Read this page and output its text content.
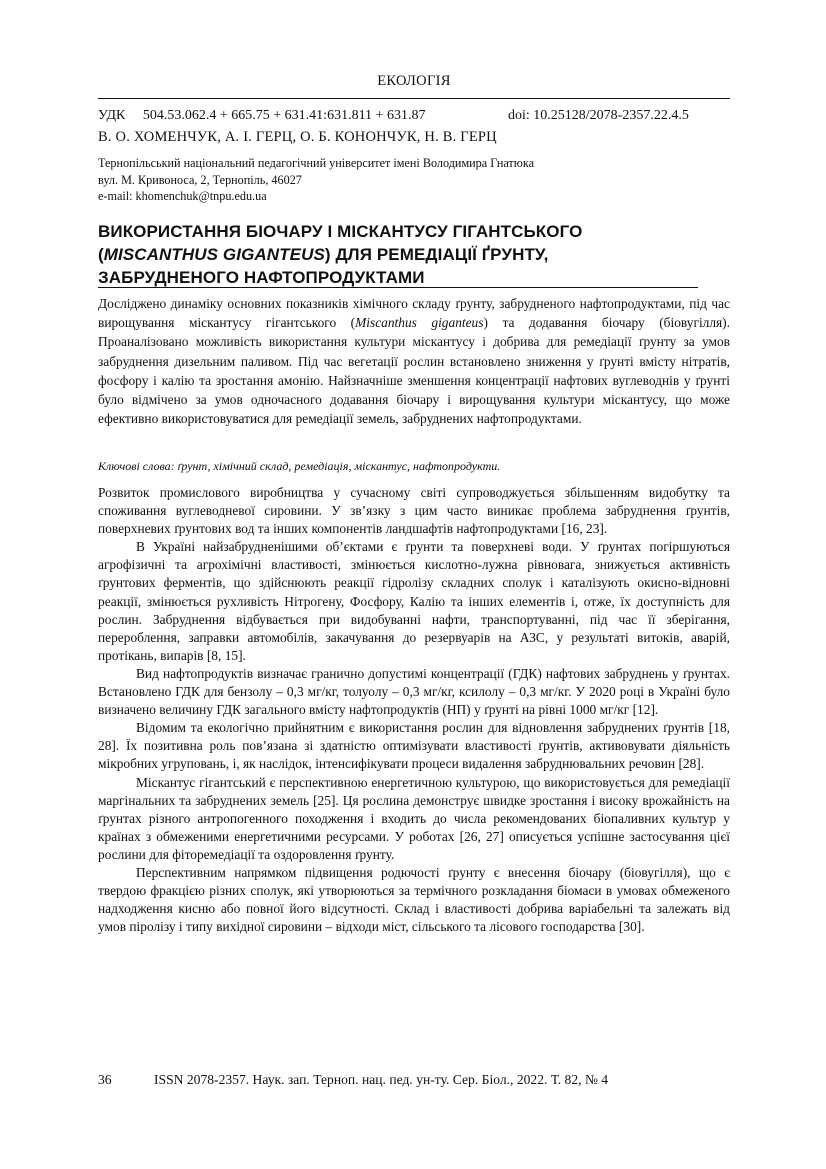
ЕКОЛОГІЯ
УДК     504.53.062.4 + 665.75 + 631.41:631.811 + 631.87	doi: 10.25128/2078-2357.22.4.5
В. О. ХОМЕНЧУК, А. І. ГЕРЦ, О. Б. КОНОНЧУК, Н. В. ГЕРЦ
Тернопільський національний педагогічний університет імені Володимира Гнатюка
вул. М. Кривоноса, 2, Тернопіль, 46027
e-mail: khomenchuk@tnpu.edu.ua
ВИКОРИСТАННЯ БІОЧАРУ І МІСКАНТУСУ ГІГАНТСЬКОГО
(MISCANTHUS GIGANTEUS) ДЛЯ РЕМЕДІАЦІЇ ҐРУНТУ,
ЗАБРУДНЕНОГО НАФТОПРОДУКТАМИ
Досліджено динаміку основних показників хімічного складу ґрунту, забрудненого нафтопродуктами, під час вирощування міскантусу гігантського (Miscanthus giganteus) та додавання біочару (біовугілля). Проаналізовано можливість використання культури міскантусу і добрива для ремедіації ґрунту за умов забруднення дизельним паливом. Під час вегетації рослин встановлено зниження у ґрунті вмісту нітратів, фосфору і калію та зростання амонію. Найзначніше зменшення концентрації нафтових вуглеводнів у ґрунті було відмічено за умов одночасного додавання біочару і вирощування культури міскантусу, що може ефективно використовуватися для ремедіації земель, забруднених нафтопродуктами.
Ключові слова: ґрунт, хімічний склад, ремедіація, міскантус, нафтопродукти.

Розвиток промислового виробництва у сучасному світі супроводжується збільшенням видобутку та споживання вуглеводневої сировини. У зв’язку з цим часто виникає проблема забруднення ґрунтів, поверхневих ґрунтових вод та інших компонентів ландшафтів нафтопродуктами [16, 23].

В Україні найзабрудненішими об’єктами є ґрунти та поверхневі води. У ґрунтах погіршуються агрофізичні та агрохімічні властивості, змінюється кислотно-лужна рівновага, знижується активність ґрунтових ферментів, що здійснюють реакції гідролізу складних сполук і каталізують окисно-відновні реакції, змінюється рухливість Нітрогену, Фосфору, Калію та інших елементів і, отже, їх доступність для рослин. Забруднення відбувається при видобуванні нафти, транспортуванні, під час її зберігання, перероблення, заправки автомобілів, закачування до резервуарів на АЗС, у результаті витоків, аварій, протікань, випарів [8, 15].

Вид нафтопродуктів визначає гранично допустимі концентрації (ГДК) нафтових забруднень у ґрунтах. Встановлено ГДК для бензолу – 0,3 мг/кг, толуолу – 0,3 мг/кг, ксилолу – 0,3 мг/кг. У 2020 році в Україні було визначено величину ГДК загального вмісту нафтопродуктів (НП) у ґрунті на рівні 1000 мг/кг [12].

Відомим та екологічно прийнятним є використання рослин для відновлення забруднених ґрунтів [18, 28]. Їх позитивна роль пов’язана зі здатністю оптимізувати властивості ґрунтів, активовувати діяльність мікробних угруповань, і, як наслідок, інтенсифікувати процеси видалення забруднювальних речовин [28].

Міскантус гігантський є перспективною енергетичною культурою, що використовується для ремедіації маргінальних та забруднених земель [25]. Ця рослина демонструє швидке зростання і високу врожайність на ґрунтах різного антропогенного походження і входить до числа рекомендованих біопаливних культур у країнах з обмеженими енергетичними ресурсами. У роботах [26, 27] описується успішне застосування цієї рослини для фіторемедіації та оздоровлення ґрунту.

Перспективним напрямком підвищення родючості ґрунту є внесення біочару (біовугілля), що є твердою фракцією різних сполук, які утворюються за термічного розкладання біомаси в умовах обмеженого надходження кисню або повної його відсутності. Склад і властивості добрива варіабельні та залежать від умов піролізу і типу вихідної сировини – відходи міст, сільського та лісового господарства [30].

36	ISSN 2078-2357. Наук. зап. Терноп. нац. пед. ун-ту. Сер. Біол., 2022. Т. 82, № 4
